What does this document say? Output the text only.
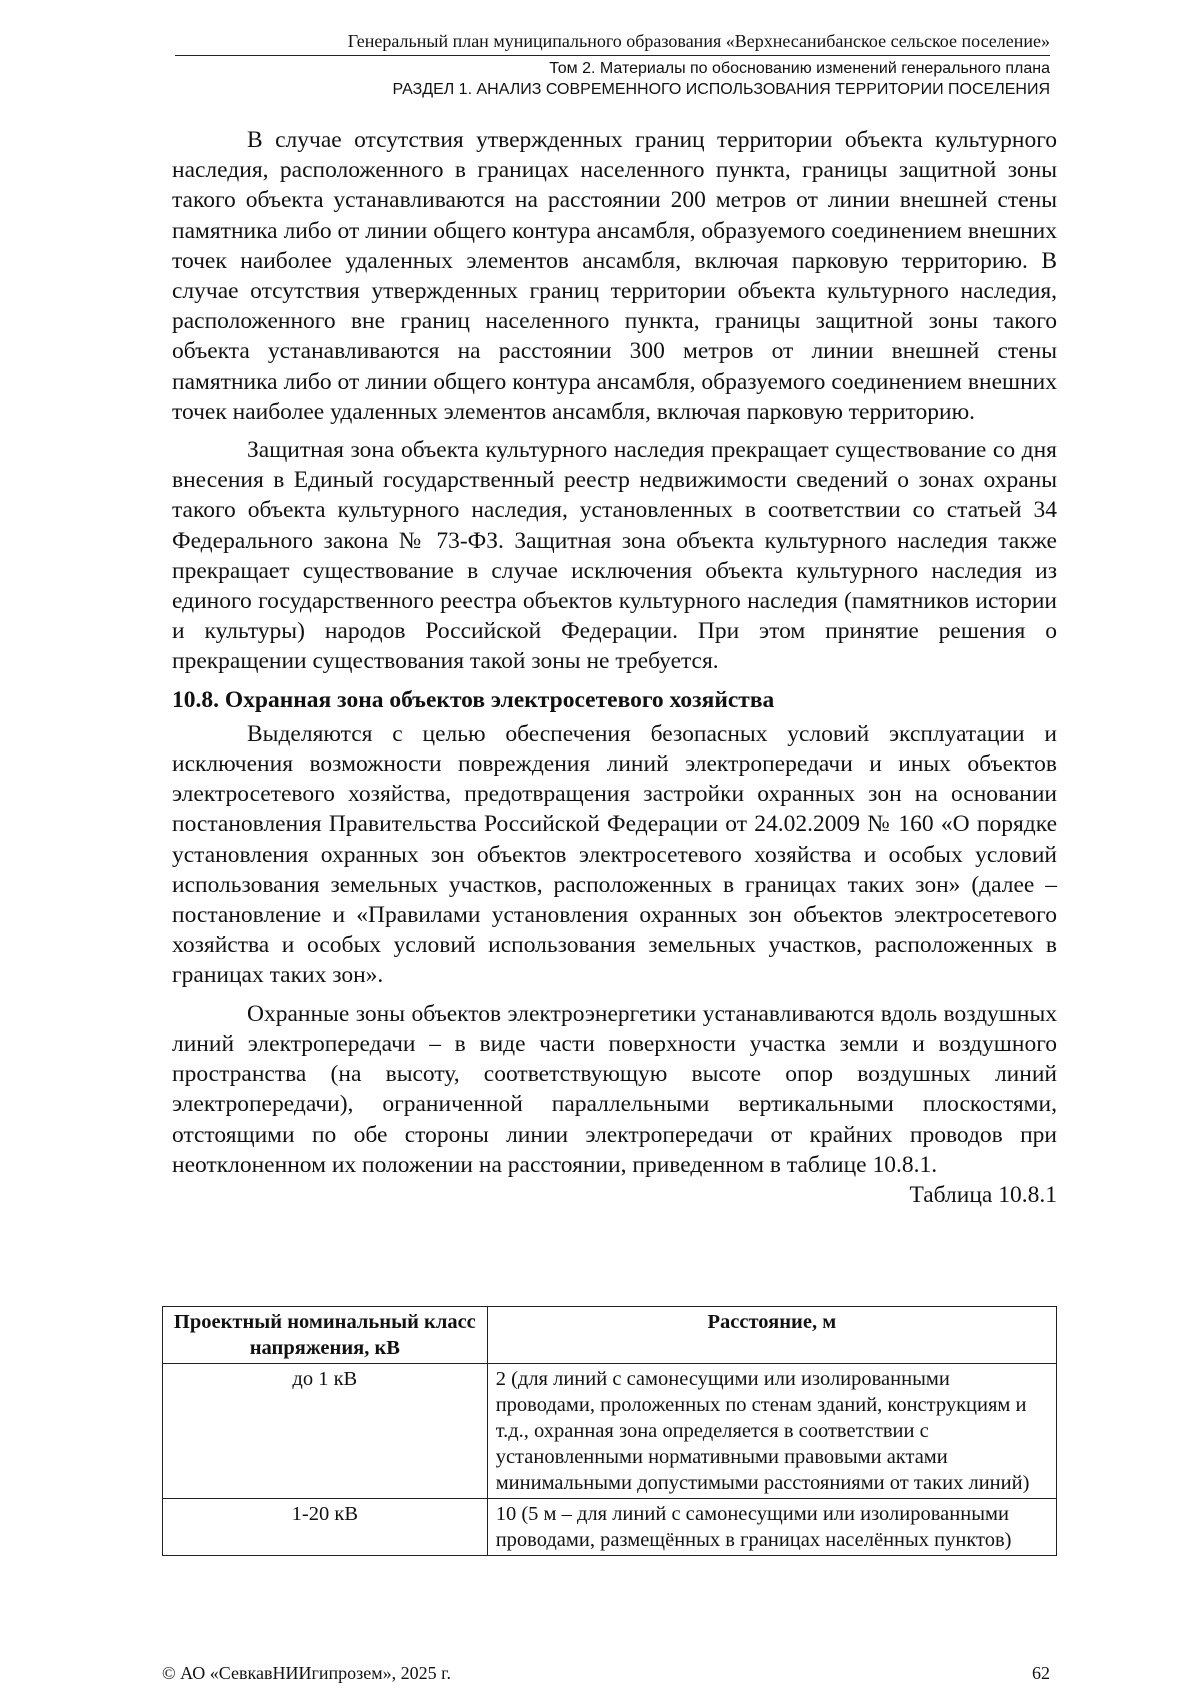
Генеральный план муниципального образования «Верхнесанибанское сельское поселение»
Том 2. Материалы по обоснованию изменений генерального плана
РАЗДЕЛ 1. АНАЛИЗ СОВРЕМЕННОГО ИСПОЛЬЗОВАНИЯ ТЕРРИТОРИИ ПОСЕЛЕНИЯ

В случае отсутствия утвержденных границ территории объекта культурного наследия, расположенного в границах населенного пункта, границы защитной зоны такого объекта устанавливаются на расстоянии 200 метров от линии внешней стены памятника либо от линии общего контура ансамбля, образуемого соединением внешних точек наиболее удаленных элементов ансамбля, включая парковую территорию. В случае отсутствия утвержденных границ территории объекта культурного наследия, расположенного вне границ населенного пункта, границы защитной зоны такого объекта устанавливаются на расстоянии 300 метров от линии внешней стены памятника либо от линии общего контура ансамбля, образуемого соединением внешних точек наиболее удаленных элементов ансамбля, включая парковую территорию.

Защитная зона объекта культурного наследия прекращает существование со дня внесения в Единый государственный реестр недвижимости сведений о зонах охраны такого объекта культурного наследия, установленных в соответствии со статьей 34 Федерального закона № 73-ФЗ. Защитная зона объекта культурного наследия также прекращает существование в случае исключения объекта культурного наследия из единого государственного реестра объектов культурного наследия (памятников истории и культуры) народов Российской Федерации. При этом принятие решения о прекращении существования такой зоны не требуется.

10.8. Охранная зона объектов электросетевого хозяйства

Выделяются с целью обеспечения безопасных условий эксплуатации и исключения возможности повреждения линий электропередачи и иных объектов электросетевого хозяйства, предотвращения застройки охранных зон на основании постановления Правительства Российской Федерации от 24.02.2009 № 160 «О порядке установления охранных зон объектов электросетевого хозяйства и особых условий использования земельных участков, расположенных в границах таких зон» (далее – постановление и «Правилами установления охранных зон объектов электросетевого хозяйства и особых условий использования земельных участков, расположенных в границах таких зон».

Охранные зоны объектов электроэнергетики устанавливаются вдоль воздушных линий электропередачи – в виде части поверхности участка земли и воздушного пространства (на высоту, соответствующую высоте опор воздушных линий электропередачи), ограниченной параллельными вертикальными плоскостями, отстоящими по обе стороны линии электропередачи от крайних проводов при неотклоненном их положении на расстоянии, приведенном в таблице 10.8.1.

Таблица 10.8.1

Проектный номинальный класс напряжения, кВ	Расстояние, м
до 1 кВ	2 (для линий с самонесущими или изолированными проводами, проложенных по стенам зданий, конструкциям и т.д., охранная зона определяется в соответствии с установленными нормативными правовыми актами минимальными допустимыми расстояниями от таких линий)
1-20 кВ	10 (5 м – для линий с самонесущими или изолированными проводами, размещённых в границах населённых пунктов)
© АО «СевкавНИИгипрозем», 2025 г.	62
